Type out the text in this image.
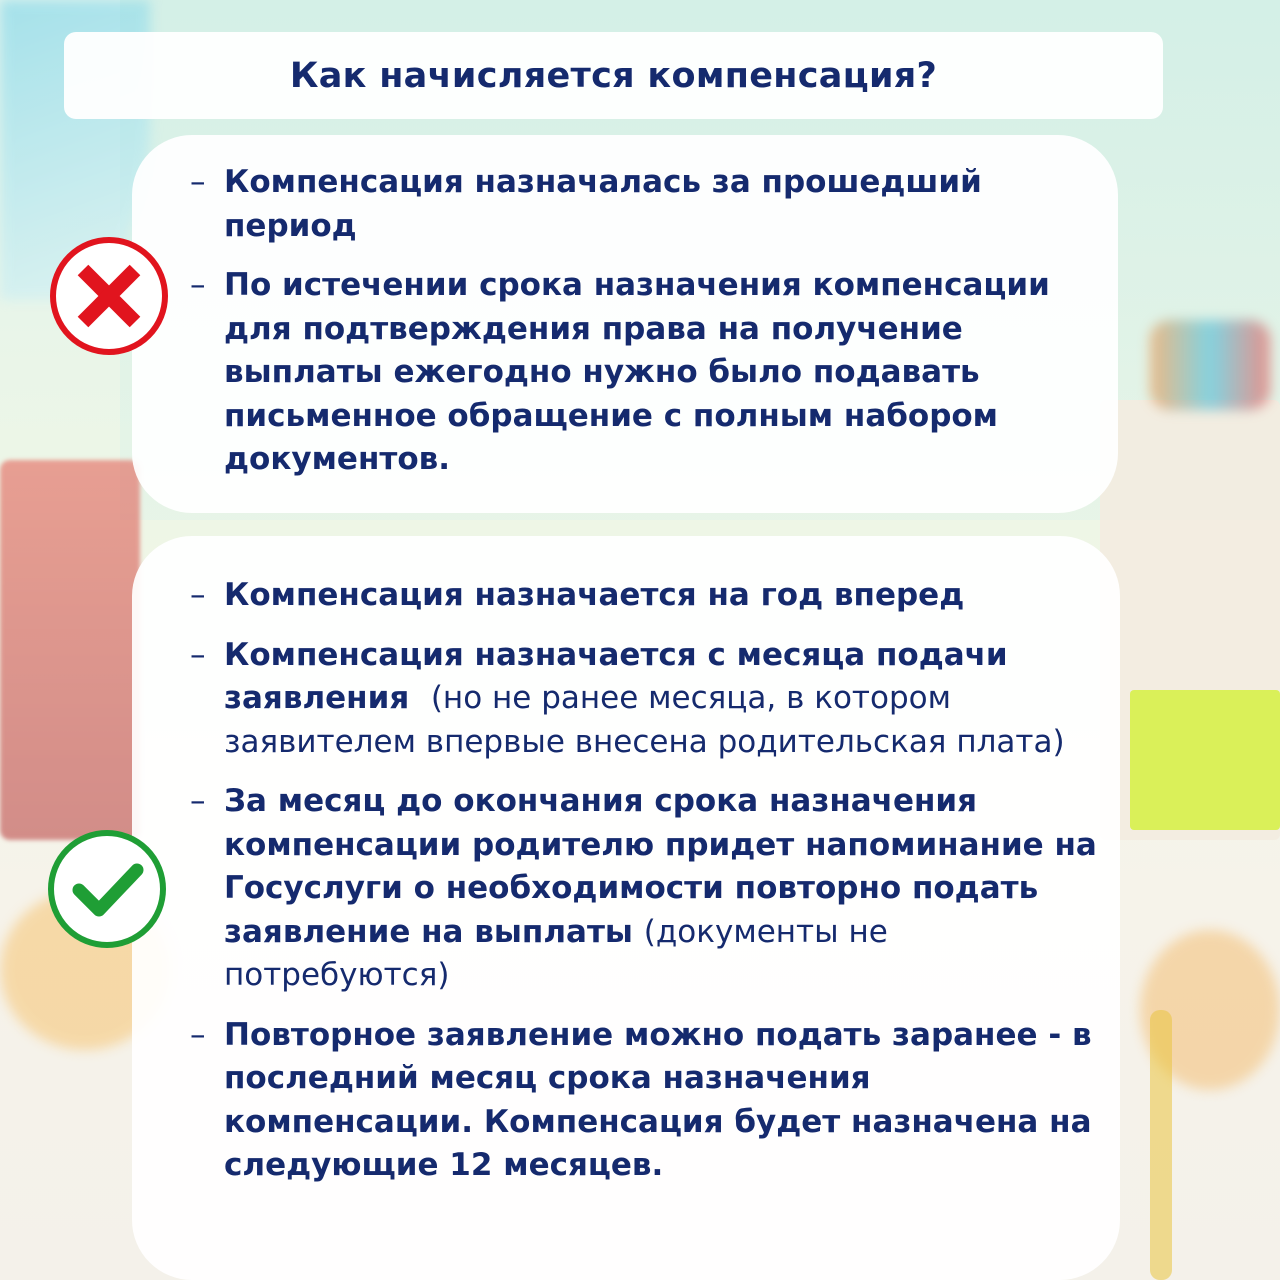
Как начисляется компенсация?
– Компенсация назначалась за прошедший период
– По истечении срока назначения компенсации для подтверждения права на получение выплаты ежегодно нужно было подавать письменное обращение с полным набором документов.
– Компенсация назначается на год вперед
– Компенсация назначается с месяца подачи заявления (но не ранее месяца, в котором заявителем впервые внесена родительская плата)
– За месяц до окончания срока назначения компенсации родителю придет напоминание на Госуслуги о необходимости повторно подать заявление на выплаты (документы не потребуются)
– Повторное заявление можно подать заранее - в последний месяц срока назначения компенсации. Компенсация будет назначена на следующие 12 месяцев.
